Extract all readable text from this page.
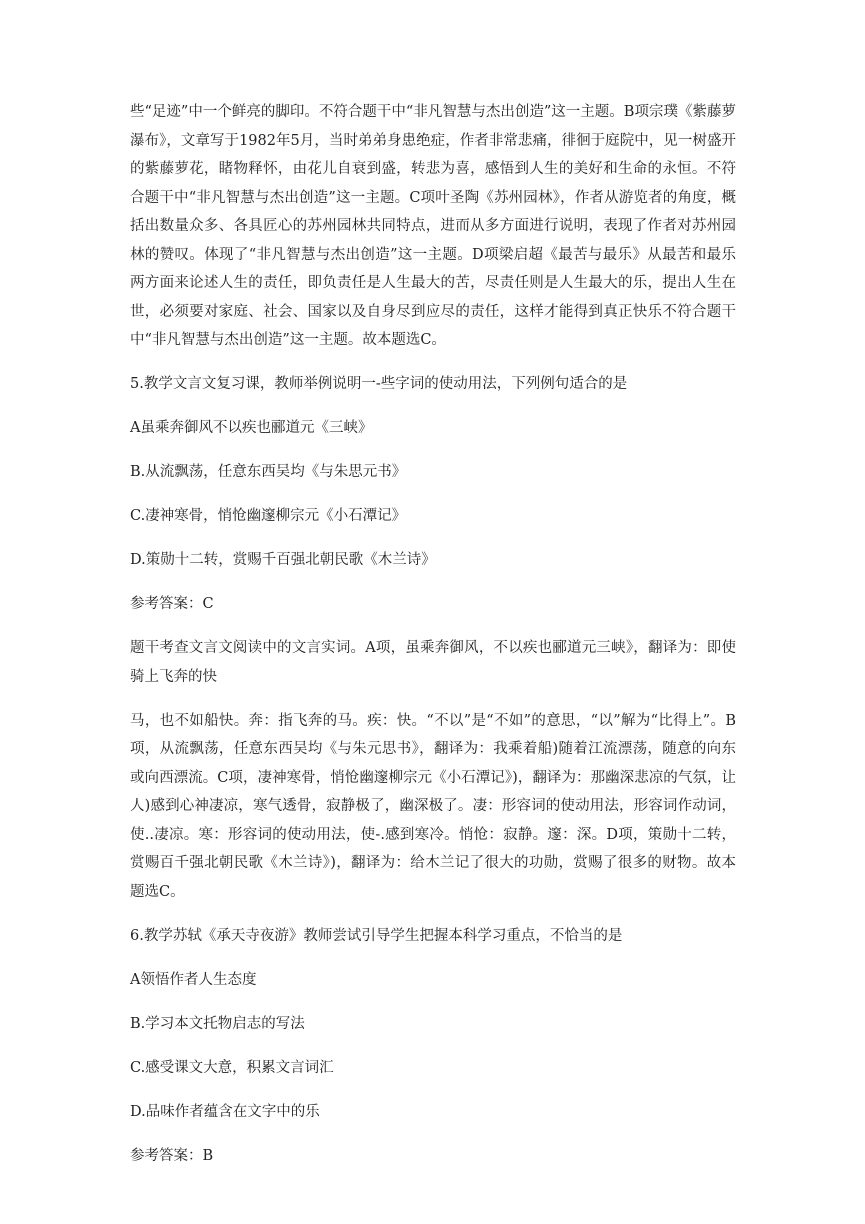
些“足迹”中一个鲜亮的脚印。不符合题干中“非凡智慧与杰出创造”这一主题。B项宗璞《紫藤萝瀑布》，文章写于1982年5月，当时弟弟身患绝症，作者非常悲痛，徘徊于庭院中，见一树盛开的紫藤萝花，睹物释怀，由花儿自衰到盛，转悲为喜，感悟到人生的美好和生命的永恒。不符合题干中“非凡智慧与杰出创造”这一主题。C项叶圣陶《苏州园林》，作者从游览者的角度，概括出数量众多、各具匠心的苏州园林共同特点，进而从多方面进行说明，表现了作者对苏州园林的赞叹。体现了“非凡智慧与杰出创造”这一主题。D项梁启超《最苦与最乐》从最苦和最乐两方面来论述人生的责任，即负责任是人生最大的苦，尽责任则是人生最大的乐，提出人生在世，必须要对家庭、社会、国家以及自身尽到应尽的责任，这样才能得到真正快乐不符合题干中“非凡智慧与杰出创造”这一主题。故本题选C。

5.教学文言文复习课，教师举例说明一-些字词的使动用法，下列例句适合的是

A虽乘奔御风不以疾也郦道元《三峡》

B.从流飘荡，任意东西吴均《与朱思元书》

C.凄神寒骨，悄怆幽邃柳宗元《小石潭记》

D.策勋十二转，赏赐千百强北朝民歌《木兰诗》

参考答案：C

题干考查文言文阅读中的文言实词。A项，虽乘奔御风，不以疾也郦道元三峡》，翻译为：即使骑上飞奔的快

马，也不如船快。奔：指飞奔的马。疾：快。“不以”是“不如”的意思，“以”解为“比得上”。B项，从流飘荡，任意东西吴均《与朱元思书》，翻译为：我乘着船)随着江流漂荡，随意的向东或向西漂流。C项，凄神寒骨，悄怆幽邃柳宗元《小石潭记》)，翻译为：那幽深悲凉的气氛，让人)感到心神凄凉，寒气透骨，寂静极了，幽深极了。凄：形容词的使动用法，形容词作动词，使..凄凉。寒：形容词的使动用法，使-.感到寒冷。悄怆：寂静。邃：深。D项，策勋十二转，赏赐百千强北朝民歌《木兰诗》)，翻译为：给木兰记了很大的功勋，赏赐了很多的财物。故本题选C。

6.教学苏轼《承天寺夜游》教师尝试引导学生把握本科学习重点，不恰当的是

A领悟作者人生态度

B.学习本文托物启志的写法

C.感受课文大意，积累文言词汇

D.品味作者蕴含在文字中的乐

参考答案：B
